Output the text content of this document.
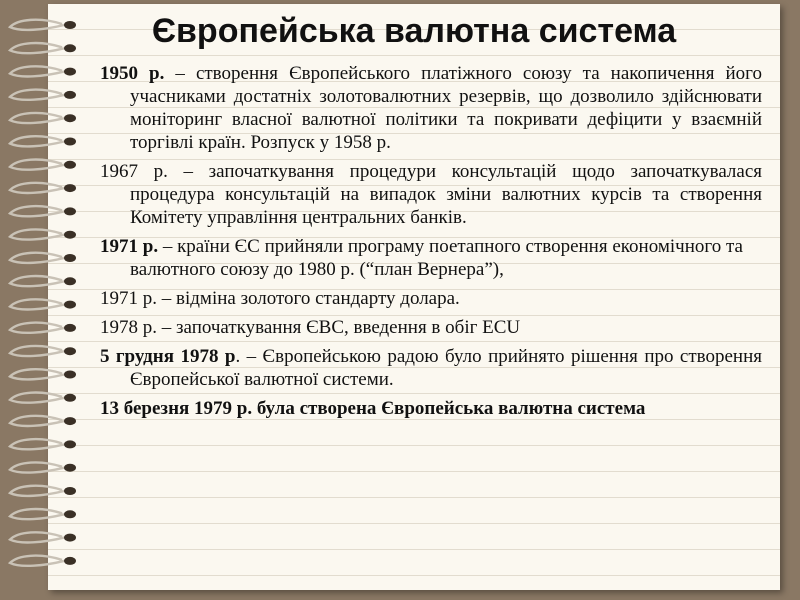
Європейська валютна система

1950 р. – створення Європейського платіжного союзу та накопичення його учасниками достатніх золотовалютних резервів, що дозволило здійснювати моніторинг власної валютної політики та покривати дефіцити у взаємній торгівлі країн. Розпуск у 1958 р.

1967 р. – започаткування процедури консультацій щодо започаткувалася процедура консультацій на випадок зміни валютних курсів та створення Комітету управління центральних банків.

1971 р. – країни ЄС прийняли програму поетапного створення економічного та валютного союзу до 1980 р. (“план Вернера”),

1971 р. – відміна золотого стандарту долара.

1978 р. – започаткування ЄВС, введення в обіг ECU

5 грудня 1978 р. – Європейською радою було прийнято рішення про створення Європейської валютної системи.

13 березня 1979 р. була створена Європейська валютна система
